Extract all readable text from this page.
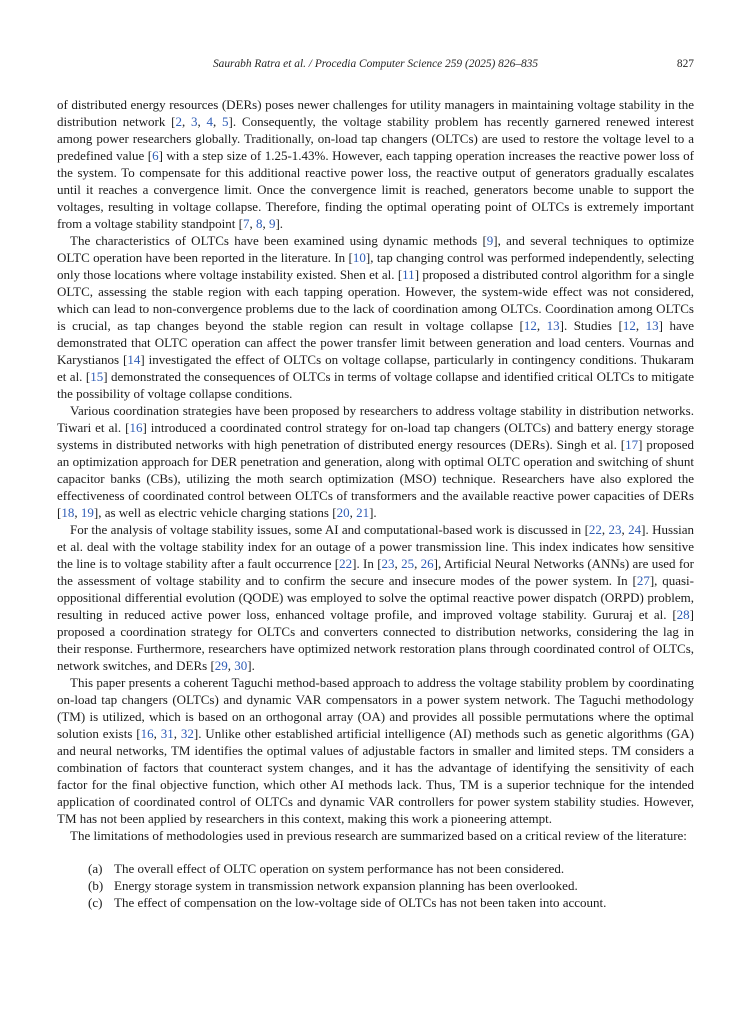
Saurabh Ratra et al. / Procedia Computer Science 259 (2025) 826–835	827

of distributed energy resources (DERs) poses newer challenges for utility managers in maintaining voltage stability in the distribution network [2, 3, 4, 5]. Consequently, the voltage stability problem has recently garnered renewed interest among power researchers globally. Traditionally, on-load tap changers (OLTCs) are used to restore the voltage level to a predefined value [6] with a step size of 1.25-1.43%. However, each tapping operation increases the reactive power loss of the system. To compensate for this additional reactive power loss, the reactive output of generators gradually escalates until it reaches a convergence limit. Once the convergence limit is reached, generators become unable to support the voltages, resulting in voltage collapse. Therefore, finding the optimal operating point of OLTCs is extremely important from a voltage stability standpoint [7, 8, 9].

The characteristics of OLTCs have been examined using dynamic methods [9], and several techniques to optimize OLTC operation have been reported in the literature. In [10], tap changing control was performed independently, selecting only those locations where voltage instability existed. Shen et al. [11] proposed a distributed control algorithm for a single OLTC, assessing the stable region with each tapping operation. However, the system-wide effect was not considered, which can lead to non-convergence problems due to the lack of coordination among OLTCs. Coordination among OLTCs is crucial, as tap changes beyond the stable region can result in voltage collapse [12, 13]. Studies [12, 13] have demonstrated that OLTC operation can affect the power transfer limit between generation and load centers. Vournas and Karystianos [14] investigated the effect of OLTCs on voltage collapse, particularly in contingency conditions. Thukaram et al. [15] demonstrated the consequences of OLTCs in terms of voltage collapse and identified critical OLTCs to mitigate the possibility of voltage collapse conditions.

Various coordination strategies have been proposed by researchers to address voltage stability in distribution networks. Tiwari et al. [16] introduced a coordinated control strategy for on-load tap changers (OLTCs) and battery energy storage systems in distributed networks with high penetration of distributed energy resources (DERs). Singh et al. [17] proposed an optimization approach for DER penetration and generation, along with optimal OLTC operation and switching of shunt capacitor banks (CBs), utilizing the moth search optimization (MSO) technique. Researchers have also explored the effectiveness of coordinated control between OLTCs of transformers and the available reactive power capacities of DERs [18, 19], as well as electric vehicle charging stations [20, 21].

For the analysis of voltage stability issues, some AI and computational-based work is discussed in [22, 23, 24]. Hussian et al. deal with the voltage stability index for an outage of a power transmission line. This index indicates how sensitive the line is to voltage stability after a fault occurrence [22]. In [23, 25, 26], Artificial Neural Networks (ANNs) are used for the assessment of voltage stability and to confirm the secure and insecure modes of the power system. In [27], quasi-oppositional differential evolution (QODE) was employed to solve the optimal reactive power dispatch (ORPD) problem, resulting in reduced active power loss, enhanced voltage profile, and improved voltage stability. Gururaj et al. [28] proposed a coordination strategy for OLTCs and converters connected to distribution networks, considering the lag in their response. Furthermore, researchers have optimized network restoration plans through coordinated control of OLTCs, network switches, and DERs [29, 30].

This paper presents a coherent Taguchi method-based approach to address the voltage stability problem by coordinating on-load tap changers (OLTCs) and dynamic VAR compensators in a power system network. The Taguchi methodology (TM) is utilized, which is based on an orthogonal array (OA) and provides all possible permutations where the optimal solution exists [16, 31, 32]. Unlike other established artificial intelligence (AI) methods such as genetic algorithms (GA) and neural networks, TM identifies the optimal values of adjustable factors in smaller and limited steps. TM considers a combination of factors that counteract system changes, and it has the advantage of identifying the sensitivity of each factor for the final objective function, which other AI methods lack. Thus, TM is a superior technique for the intended application of coordinated control of OLTCs and dynamic VAR controllers for power system stability studies. However, TM has not been applied by researchers in this context, making this work a pioneering attempt.

The limitations of methodologies used in previous research are summarized based on a critical review of the literature:

(a) The overall effect of OLTC operation on system performance has not been considered.
(b) Energy storage system in transmission network expansion planning has been overlooked.
(c) The effect of compensation on the low-voltage side of OLTCs has not been taken into account.
